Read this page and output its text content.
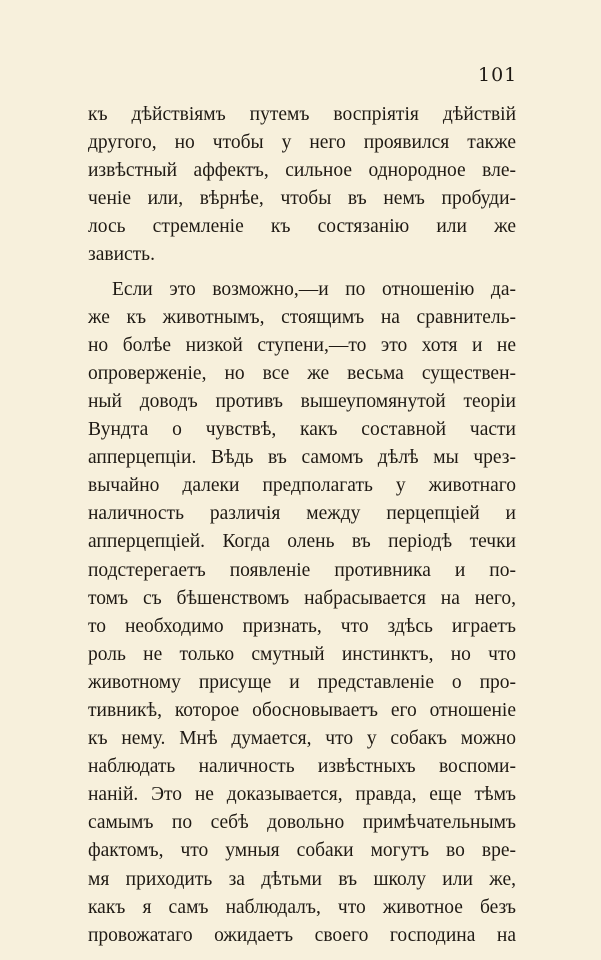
101
къ дѣйствіямъ путемъ воспріятія дѣйствій
другого, но чтобы у него проявился также
извѣстный аффектъ, сильное однородное вле-
ченіе или, вѣрнѣе, чтобы въ немъ пробуди-
лось стремленіе къ состязанію или же
зависть.
Если это возможно,—и по отношенію да-
же къ животнымъ, стоящимъ на сравнитель-
но болѣе низкой ступени,—то это хотя и не
опроверженіе, но все же весьма существен-
ный доводъ противъ вышеупомянутой теоріи
Вундта о чувствѣ, какъ составной части
апперцепціи. Вѣдь въ самомъ дѣлѣ мы чрез-
вычайно далеки предполагать у животнаго
наличность различія между перцепціей и
апперцепціей. Когда олень въ періодѣ течки
подстерегаетъ появленіе противника и по-
томъ съ бѣшенствомъ набрасывается на него,
то необходимо признать, что здѣсь играетъ
роль не только смутный инстинктъ, но что
животному присуще и представленіе о про-
тивникѣ, которое обосновываетъ его отношеніе
къ нему. Мнѣ думается, что у собакъ можно
наблюдать наличность извѣстныхъ воспоми-
наній. Это не доказывается, правда, еще тѣмъ
самымъ по себѣ довольно примѣчательнымъ
фактомъ, что умныя собаки могутъ во вре-
мя приходить за дѣтьми въ школу или же,
какъ я самъ наблюдалъ, что животное безъ
провожатаго ожидаетъ своего господина на
